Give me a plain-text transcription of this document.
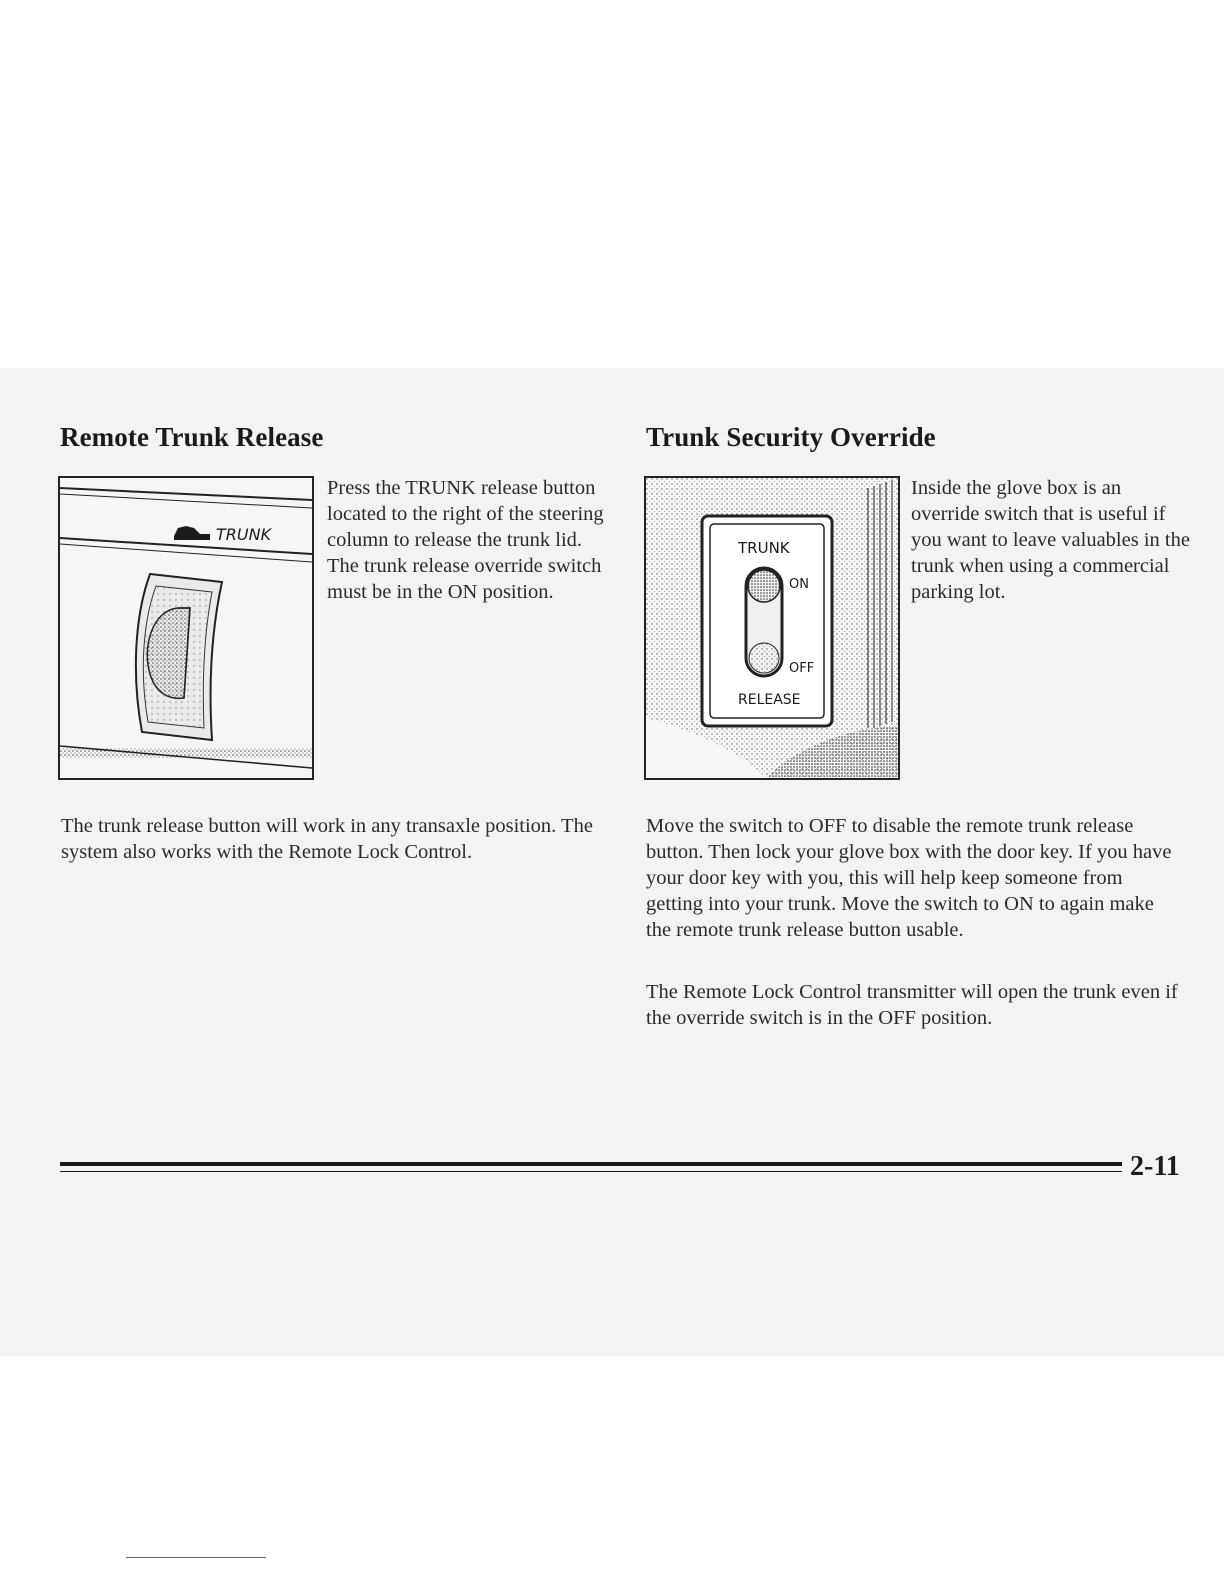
Remote Trunk Release
TRUNK

Press the TRUNK release button located to the right of the steering column to release the trunk lid. The trunk release override switch must be in the ON position.

The trunk release button will work in any transaxle position. The system also works with the Remote Lock Control.

Trunk Security Override
TRUNK
ON
OFF
RELEASE

Inside the glove box is an override switch that is useful if you want to leave valuables in the trunk when using a commercial parking lot.

Move the switch to OFF to disable the remote trunk release button. Then lock your glove box with the door key. If you have your door key with you, this will help keep someone from getting into your trunk. Move the switch to ON to again make the remote trunk release button usable.

The Remote Lock Control transmitter will open the trunk even if the override switch is in the OFF position.

2-11
